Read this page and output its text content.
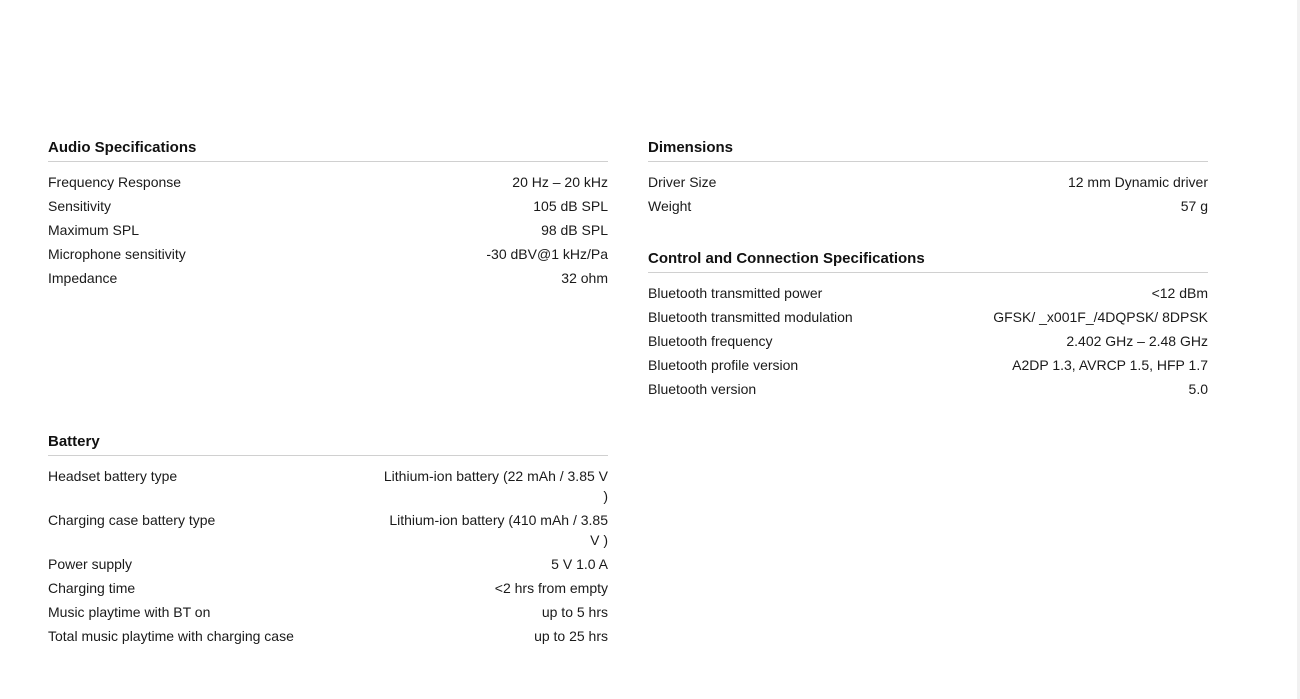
Audio Specifications
Frequency Response	20 Hz – 20 kHz
Sensitivity	105 dB SPL
Maximum SPL	98 dB SPL
Microphone sensitivity	-30 dBV@1 kHz/Pa
Impedance	32 ohm
Dimensions
Driver Size	12 mm Dynamic driver
Weight	57 g
Control and Connection Specifications
Bluetooth transmitted power	<12 dBm
Bluetooth transmitted modulation	GFSK/ _x001F_/4DQPSK/ 8DPSK
Bluetooth frequency	2.402 GHz – 2.48 GHz
Bluetooth profile version	A2DP 1.3, AVRCP 1.5, HFP 1.7
Bluetooth version	5.0
Battery
Headset battery type	Lithium-ion battery (22 mAh / 3.85 V )
Charging case battery type	Lithium-ion battery (410 mAh / 3.85 V )
Power supply	5 V 1.0 A
Charging time	<2 hrs from empty
Music playtime with BT on	up to 5 hrs
Total music playtime with charging case	up to 25 hrs
